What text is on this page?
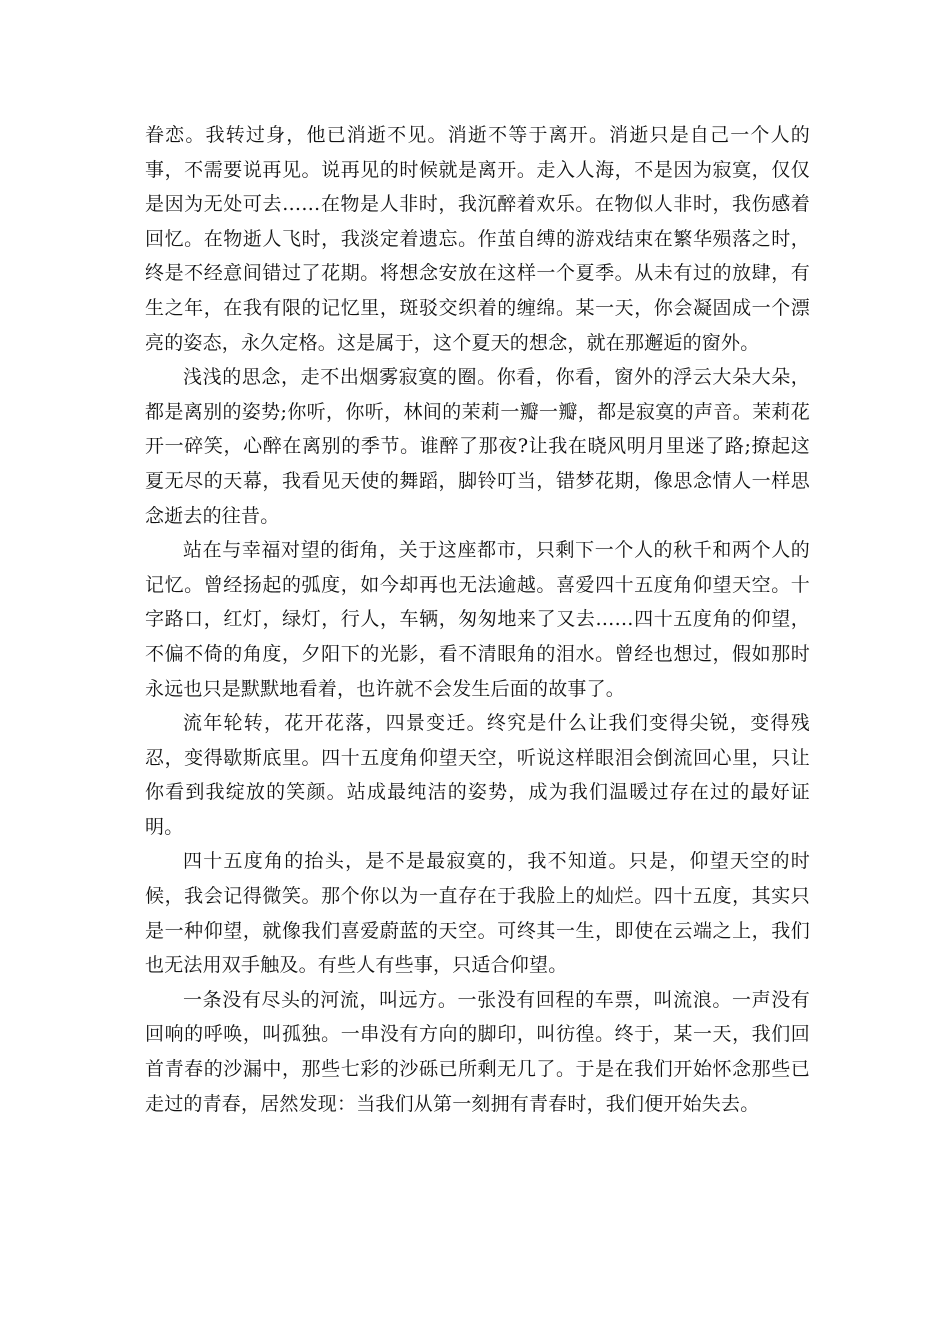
眷恋。我转过身，他已消逝不见。消逝不等于离开。消逝只是自己一个人的事，不需要说再见。说再见的时候就是离开。走入人海，不是因为寂寞，仅仅是因为无处可去……在物是人非时，我沉醉着欢乐。在物似人非时，我伤感着回忆。在物逝人飞时，我淡定着遗忘。作茧自缚的游戏结束在繁华殒落之时，终是不经意间错过了花期。将想念安放在这样一个夏季。从未有过的放肆，有生之年，在我有限的记忆里，斑驳交织着的缠绵。某一天，你会凝固成一个漂亮的姿态，永久定格。这是属于，这个夏天的想念，就在那邂逅的窗外。

浅浅的思念，走不出烟雾寂寞的圈。你看，你看，窗外的浮云大朵大朵，都是离别的姿势;你听，你听，林间的茉莉一瓣一瓣，都是寂寞的声音。茉莉花开一碎笑，心醉在离别的季节。谁醉了那夜?让我在晓风明月里迷了路;撩起这夏无尽的天幕，我看见天使的舞蹈，脚铃叮当，错梦花期，像思念情人一样思念逝去的往昔。

站在与幸福对望的街角，关于这座都市，只剩下一个人的秋千和两个人的记忆。曾经扬起的弧度，如今却再也无法逾越。喜爱四十五度角仰望天空。十字路口，红灯，绿灯，行人，车辆，匆匆地来了又去……四十五度角的仰望，不偏不倚的角度，夕阳下的光影，看不清眼角的泪水。曾经也想过，假如那时永远也只是默默地看着，也许就不会发生后面的故事了。

流年轮转，花开花落，四景变迁。终究是什么让我们变得尖锐，变得残忍，变得歇斯底里。四十五度角仰望天空，听说这样眼泪会倒流回心里，只让你看到我绽放的笑颜。站成最纯洁的姿势，成为我们温暖过存在过的最好证明。

四十五度角的抬头，是不是最寂寞的，我不知道。只是，仰望天空的时候，我会记得微笑。那个你以为一直存在于我脸上的灿烂。四十五度，其实只是一种仰望，就像我们喜爱蔚蓝的天空。可终其一生，即使在云端之上，我们也无法用双手触及。有些人有些事，只适合仰望。

一条没有尽头的河流，叫远方。一张没有回程的车票，叫流浪。一声没有回响的呼唤，叫孤独。一串没有方向的脚印，叫彷徨。终于，某一天，我们回首青春的沙漏中，那些七彩的沙砾已所剩无几了。于是在我们开始怀念那些已走过的青春，居然发现：当我们从第一刻拥有青春时，我们便开始失去。
